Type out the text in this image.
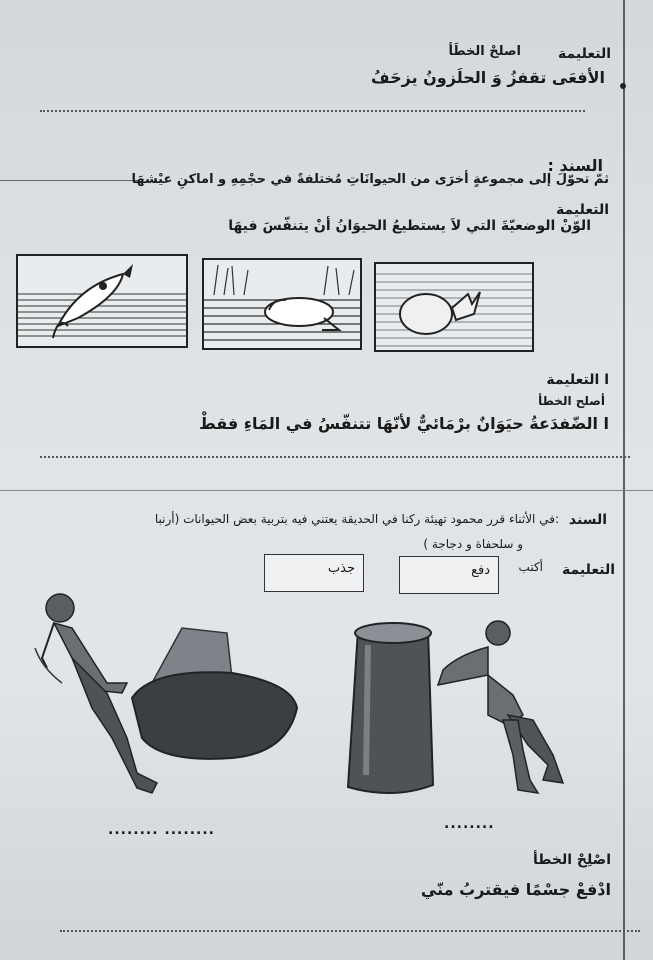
التعليمة
اصلحْ الخطَأ
الأفعَى تقفزُ وَ الحلَزونُ يزحَفُ
السند :
ثمّ تحوّلَ إلى مجموعةٍ أخرَى من الحيوانَاتِ مُختلفةً في حجْمِهِ و اماكنِ عيْشهَا
التعليمة
الوّنْ الوضعيّةَ التي لاَ يستطيعُ الحيوَانُ أنْ يتنفّسَ فيهَا
ا التعليمة
أصلح الخطأ
ا الضّفدَعةُ حيَوَانٌ برْمَائيٌّ لأنّهَا تتنفّسُ في المَاءِ فقطْ
السند
:في الأثناء قرر محمود تهيئة ركنا في الحديقة يعتني فيه بتربية بعض الحيوانات (أرنبا
و سلحفاة و دجاجة )
التعليمة
أكتب
دفع
جذب
........ ........	........
اصْلِحْ الخطأ
ادْفعْ جسْمًا فيقتربُ منّي
